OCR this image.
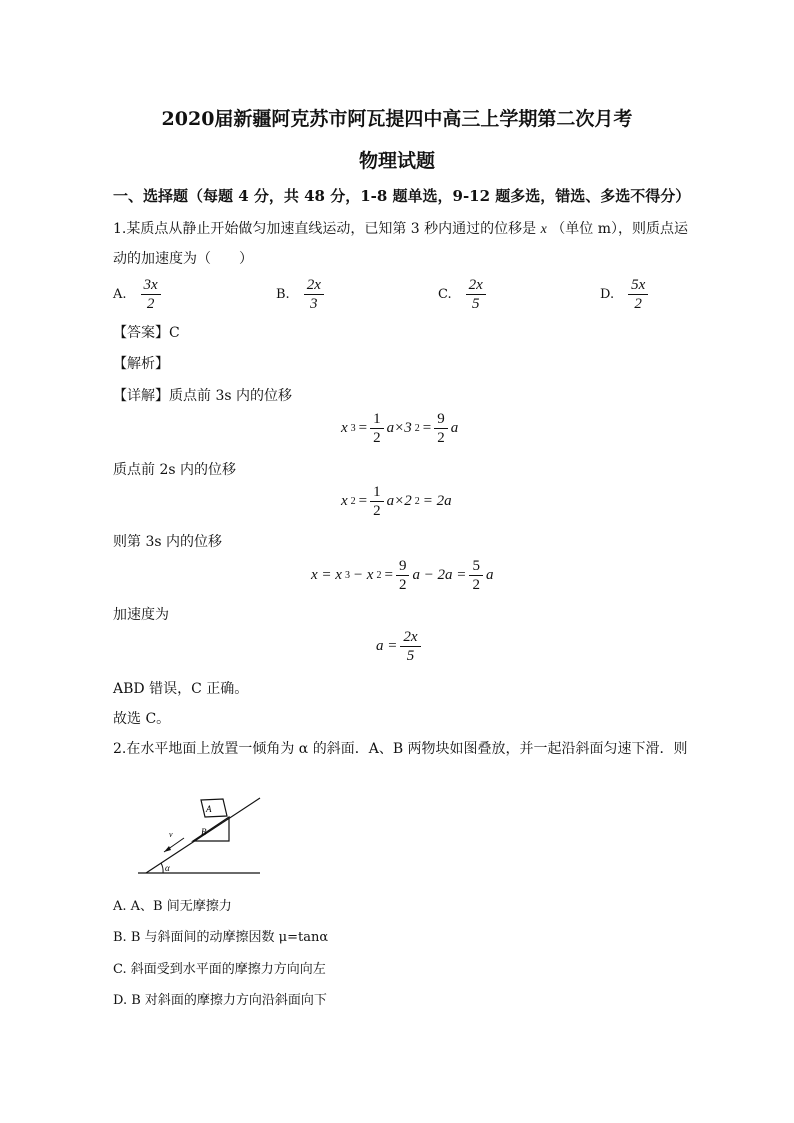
2020届新疆阿克苏市阿瓦提四中高三上学期第二次月考
物理试题
一、选择题（每题 4 分，共 48 分，1-8 题单选，9-12 题多选，错选、多选不得分）
1.某质点从静止开始做匀加速直线运动，已知第 3 秒内通过的位移是 x （单位 m），则质点运
动的加速度为（　　）
A. $\frac{3x}{2}$	B. $\frac{2x}{3}$	C. $\frac{2x}{5}$	D. $\frac{5x}{2}$
【答案】C
【解析】
【详解】质点前 3s 内的位移
x $3 = \frac{1}{2} a\times 3$ $2 = \frac{9}{2}$ a
质点前 2s 内的位移
x $2 = \frac{1}{2} a\times 2$ 2 = 2a
则第 3s 内的位移
x = x 3 − x $2 = \frac{9}{2}$ $a - 2a = \frac{5}{2}$ a
加速度为
$a = \frac{2x}{5}$
ABD 错误，C 正确。
故选 C。
2.在水平地面上放置一倾角为 α 的斜面．A、B 两物块如图叠放，并一起沿斜面匀速下滑．则
A
B
v
α
A. A、B 间无摩擦力
B. B 与斜面间的动摩擦因数 μ=tanα
C. 斜面受到水平面的摩擦力方向向左
D. B 对斜面的摩擦力方向沿斜面向下
